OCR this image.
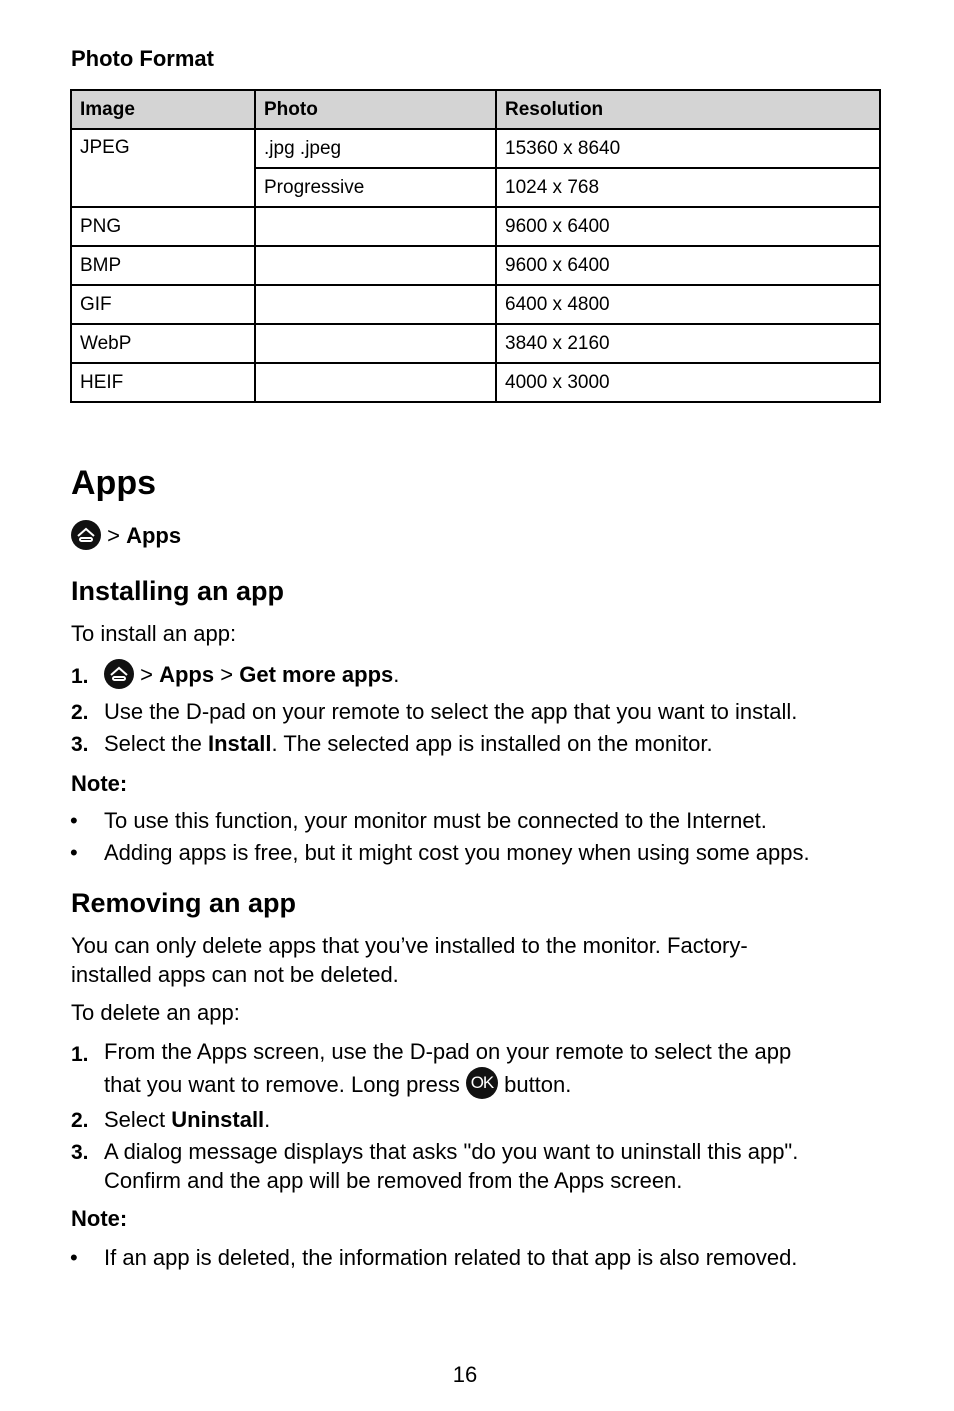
Photo Format
Image	Photo	Resolution
JPEG	.jpg .jpeg	15360 x 8640
	Progressive	1024 x 768
PNG		9600 x 6400
BMP		9600 x 6400
GIF		6400 x 4800
WebP		3840 x 2160
HEIF		4000 x 3000
Apps
> Apps
Installing an app
To install an app:
1.	> Apps > Get more apps.
2. Use the D-pad on your remote to select the app that you want to install.
3. Select the Install. The selected app is installed on the monitor.
Note:
• To use this function, your monitor must be connected to the Internet.
• Adding apps is free, but it might cost you money when using some apps.
Removing an app
You can only delete apps that you’ve installed to the monitor. Factory-
installed apps can not be deleted.
To delete an app:
1. From the Apps screen, use the D-pad on your remote to select the app
that you want to remove. Long press OK button.
2. Select Uninstall.
3. A dialog message displays that asks "do you want to uninstall this app".
Confirm and the app will be removed from the Apps screen.
Note:
• If an app is deleted, the information related to that app is also removed.
16
